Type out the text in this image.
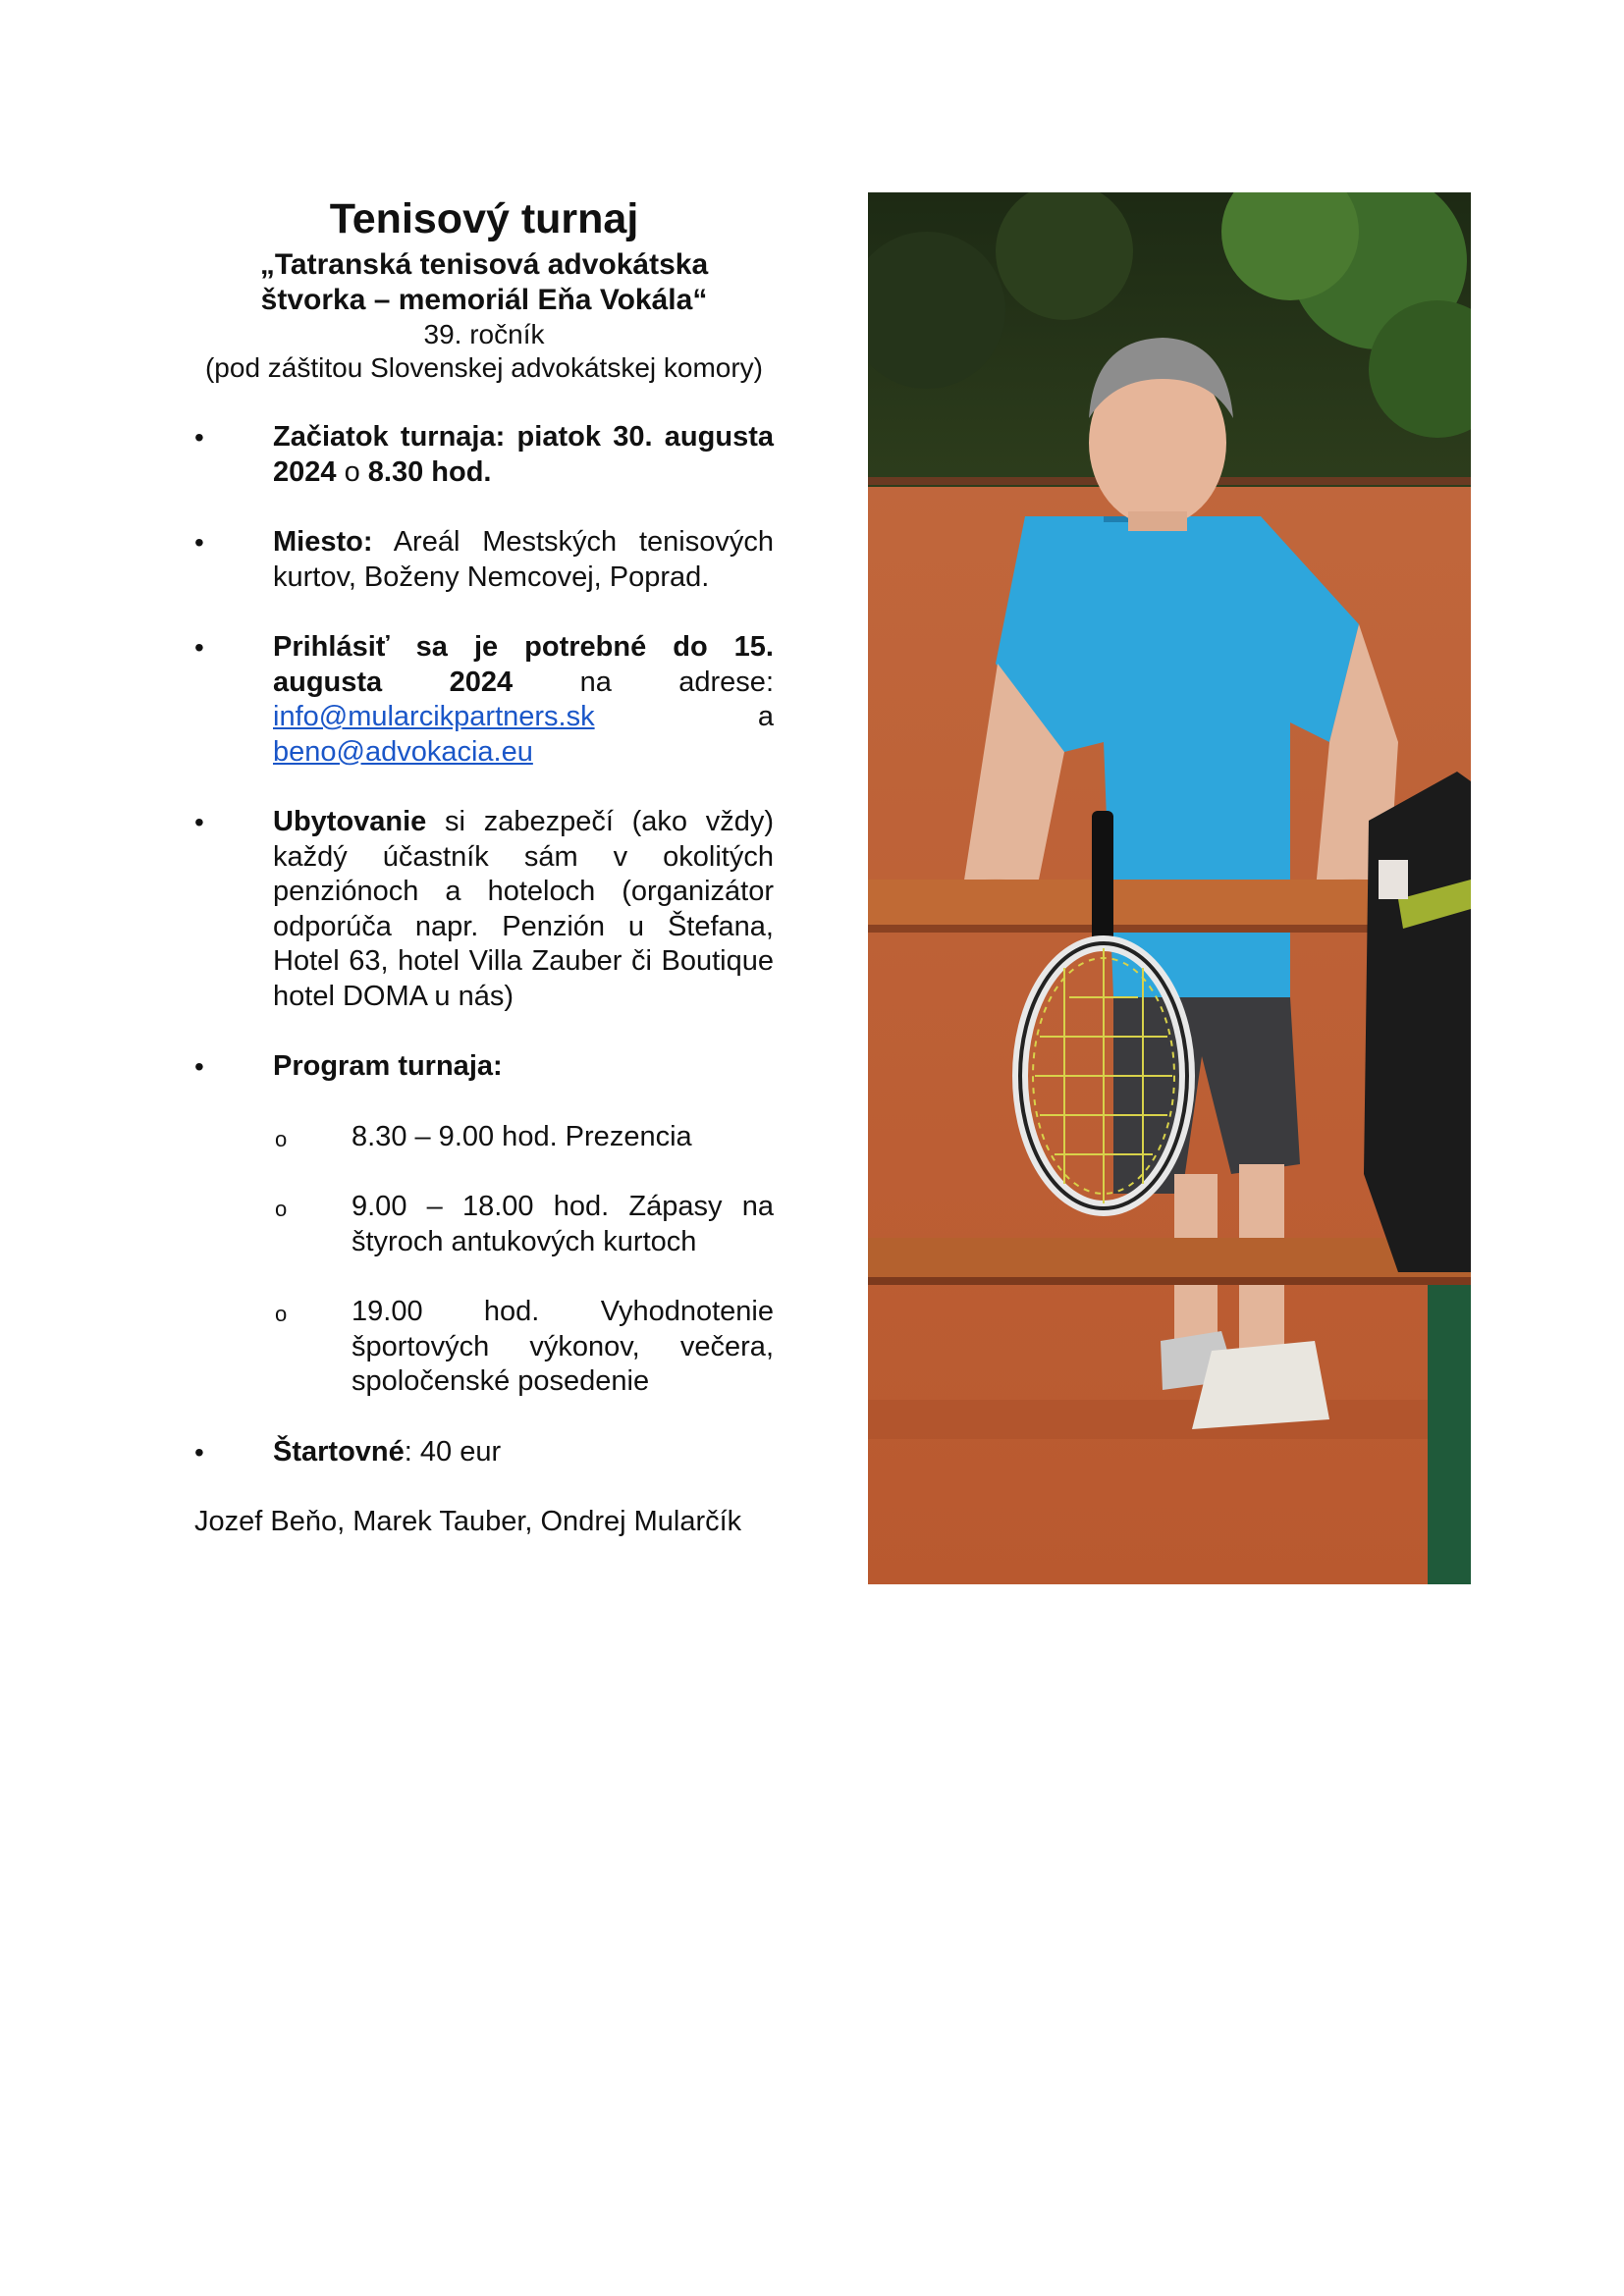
Tenisový turnaj

„Tatranská tenisová advokátska

štvorka – memoriál Eňa Vokála“

39. ročník

(pod záštitou Slovenskej advokátskej komory)

• Začiatok turnaja: piatok 30. augusta 2024 o 8.30 hod.
• Miesto: Areál Mestských tenisových kurtov, Boženy Nemcovej, Poprad.
• Prihlásiť sa je potrebné do 15. augusta 2024 na adrese: info@mularcikpartners.sk	a beno@advokacia.eu
• Ubytovanie si zabezpečí (ako vždy) každý účastník sám v okolitých penziónoch a hoteloch (organizátor odporúča napr. Penzión u Štefana, Hotel 63, hotel Villa Zauber či Boutique hotel DOMA u nás)
• Program turnaja:
o 8.30 – 9.00 hod. Prezencia
o 9.00 – 18.00 hod. Zápasy na štyroch antukových kurtoch
o 19.00 hod. Vyhodnotenie športových výkonov, večera, spoločenské posedenie
• Štartovné: 40 eur

Jozef Beňo, Marek Tauber, Ondrej Mularčík
